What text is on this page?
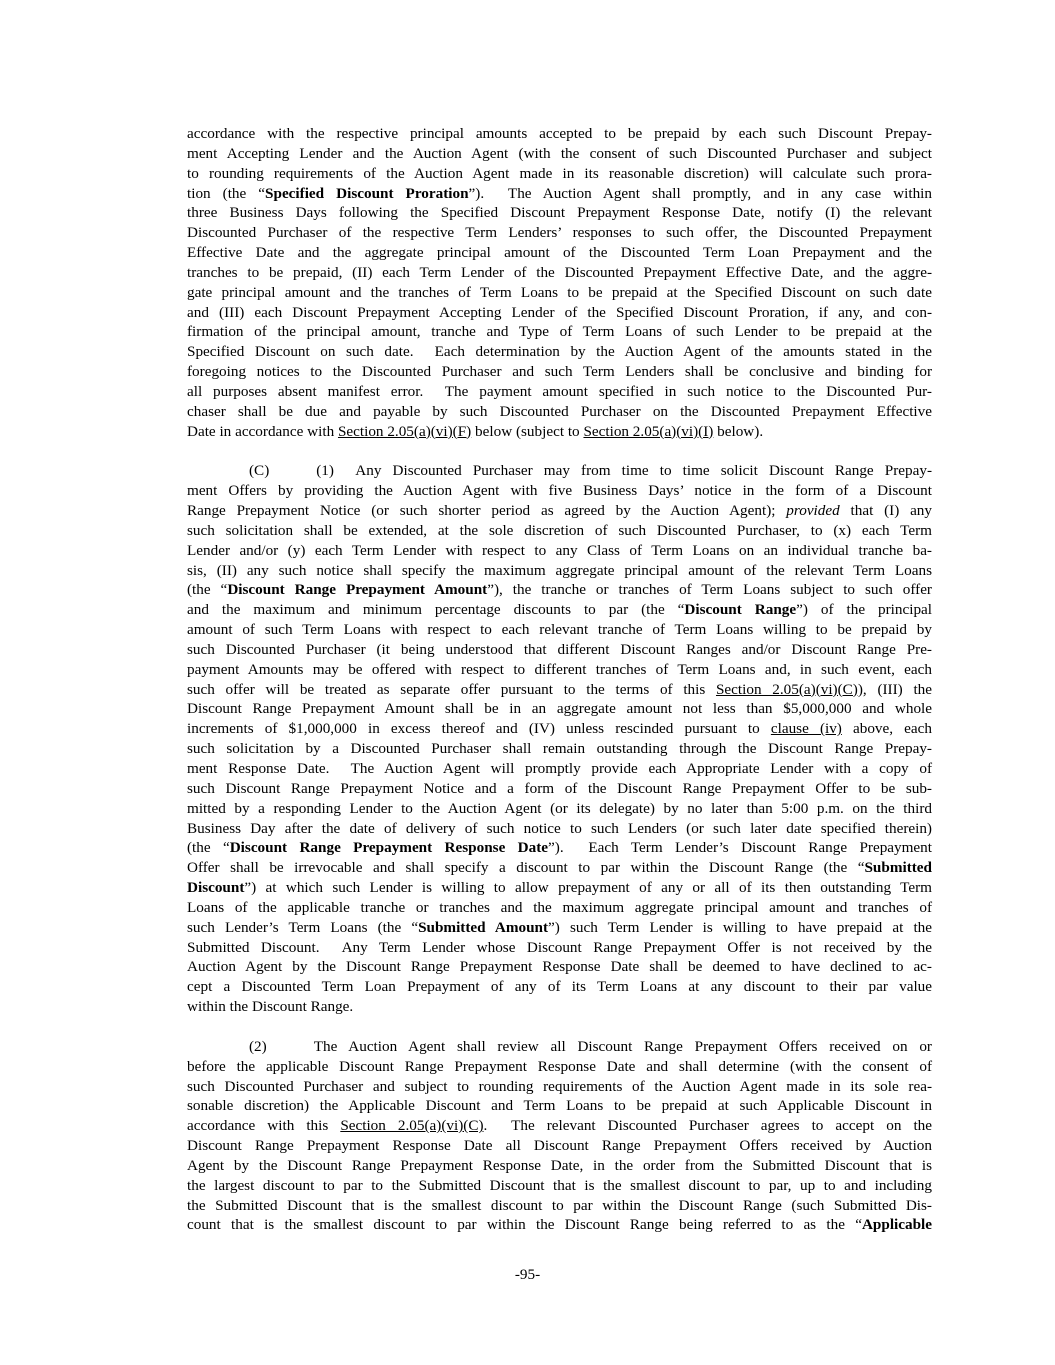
accordance with the respective principal amounts accepted to be prepaid by each such Discount Prepay-
ment Accepting Lender and the Auction Agent (with the consent of such Discounted Purchaser and subject
to rounding requirements of the Auction Agent made in its reasonable discretion) will calculate such prora-
tion (the “Specified Discount Proration”).  The Auction Agent shall promptly, and in any case within
three Business Days following the Specified Discount Prepayment Response Date, notify (I) the relevant
Discounted Purchaser of the respective Term Lenders’ responses to such offer, the Discounted Prepayment
Effective Date and the aggregate principal amount of the Discounted Term Loan Prepayment and the
tranches to be prepaid, (II) each Term Lender of the Discounted Prepayment Effective Date, and the aggre-
gate principal amount and the tranches of Term Loans to be prepaid at the Specified Discount on such date
and (III) each Discount Prepayment Accepting Lender of the Specified Discount Proration, if any, and con-
firmation of the principal amount, tranche and Type of Term Loans of such Lender to be prepaid at the
Specified Discount on such date.  Each determination by the Auction Agent of the amounts stated in the
foregoing notices to the Discounted Purchaser and such Term Lenders shall be conclusive and binding for
all purposes absent manifest error.  The payment amount specified in such notice to the Discounted Pur-
chaser shall be due and payable by such Discounted Purchaser on the Discounted Prepayment Effective
Date in accordance with Section 2.05(a)(vi)(F) below (subject to Section 2.05(a)(vi)(I) below).
(C)	(1)  Any Discounted Purchaser may from time to time solicit Discount Range Prepay-
ment Offers by providing the Auction Agent with five Business Days’ notice in the form of a Discount
Range Prepayment Notice (or such shorter period as agreed by the Auction Agent); provided that (I) any
such solicitation shall be extended, at the sole discretion of such Discounted Purchaser, to (x) each Term
Lender and/or (y) each Term Lender with respect to any Class of Term Loans on an individual tranche ba-
sis, (II) any such notice shall specify the maximum aggregate principal amount of the relevant Term Loans
(the “Discount Range Prepayment Amount”), the tranche or tranches of Term Loans subject to such offer
and the maximum and minimum percentage discounts to par (the “Discount Range”) of the principal
amount of such Term Loans with respect to each relevant tranche of Term Loans willing to be prepaid by
such Discounted Purchaser (it being understood that different Discount Ranges and/or Discount Range Pre-
payment Amounts may be offered with respect to different tranches of Term Loans and, in such event, each
such offer will be treated as separate offer pursuant to the terms of this Section 2.05(a)(vi)(C)), (III) the
Discount Range Prepayment Amount shall be in an aggregate amount not less than $5,000,000 and whole
increments of $1,000,000 in excess thereof and (IV) unless rescinded pursuant to clause (iv) above, each
such solicitation by a Discounted Purchaser shall remain outstanding through the Discount Range Prepay-
ment Response Date.  The Auction Agent will promptly provide each Appropriate Lender with a copy of
such Discount Range Prepayment Notice and a form of the Discount Range Prepayment Offer to be sub-
mitted by a responding Lender to the Auction Agent (or its delegate) by no later than 5:00 p.m. on the third
Business Day after the date of delivery of such notice to such Lenders (or such later date specified therein)
(the “Discount Range Prepayment Response Date”).  Each Term Lender’s Discount Range Prepayment
Offer shall be irrevocable and shall specify a discount to par within the Discount Range (the “Submitted
Discount”) at which such Lender is willing to allow prepayment of any or all of its then outstanding Term
Loans of the applicable tranche or tranches and the maximum aggregate principal amount and tranches of
such Lender’s Term Loans (the “Submitted Amount”) such Term Lender is willing to have prepaid at the
Submitted Discount.  Any Term Lender whose Discount Range Prepayment Offer is not received by the
Auction Agent by the Discount Range Prepayment Response Date shall be deemed to have declined to ac-
cept a Discounted Term Loan Prepayment of any of its Term Loans at any discount to their par value
within the Discount Range.
(2)	The Auction Agent shall review all Discount Range Prepayment Offers received on or
before the applicable Discount Range Prepayment Response Date and shall determine (with the consent of
such Discounted Purchaser and subject to rounding requirements of the Auction Agent made in its sole rea-
sonable discretion) the Applicable Discount and Term Loans to be prepaid at such Applicable Discount in
accordance with this Section 2.05(a)(vi)(C).  The relevant Discounted Purchaser agrees to accept on the
Discount Range Prepayment Response Date all Discount Range Prepayment Offers received by Auction
Agent by the Discount Range Prepayment Response Date, in the order from the Submitted Discount that is
the largest discount to par to the Submitted Discount that is the smallest discount to par, up to and including
the Submitted Discount that is the smallest discount to par within the Discount Range (such Submitted Dis-
count that is the smallest discount to par within the Discount Range being referred to as the “Applicable
-95-
